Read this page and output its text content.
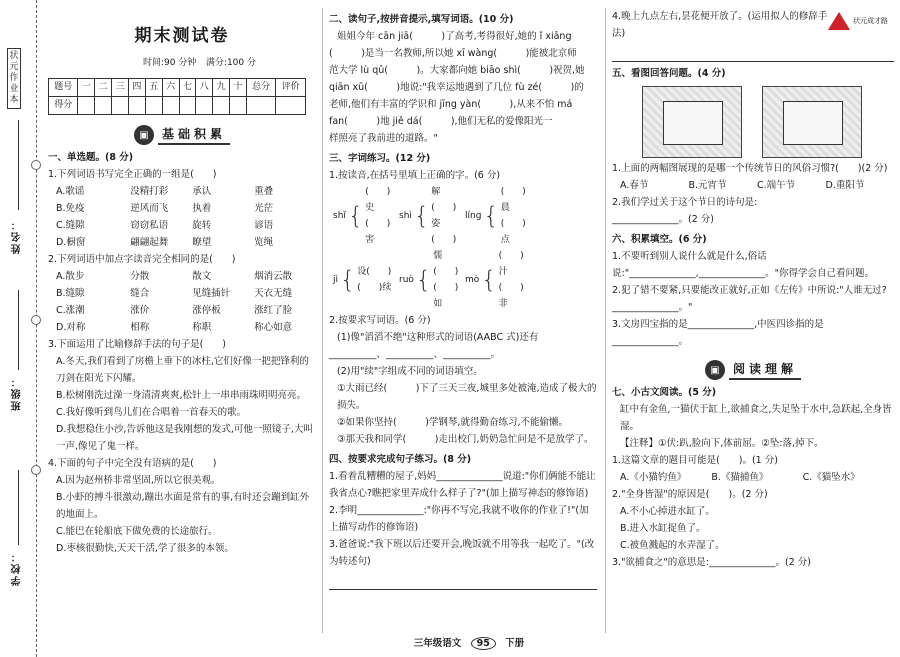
状元作业本
姓名：
班级：
学校：
期末测试卷
时间:90 分钟 满分:100 分
题号	一	二	三	四	五	六	七	八	九	十	总分	评价
得分												
▣	基础积累
一、单选题。(8 分)
1.下列词语书写完全正确的一组是(　　)
A.歌谣	没精打彩	承认	重叠
B.免疫	逆风而飞	执着	光茫
C.缝隙	窃窃私语	旋转	谚语
D.橱窗	翩翩起舞	瞭望	览绳
2.下列词语中加点字读音完全相同的是(　　)
A.散步	分散	散文	烟消云散
B.缝隙	缝合	见缝插针	天衣无缝
C.涨潮	涨价	涨停板	涨红了脸
D.对称	相称	称职	称心如意
3.下面运用了比喻修辞手法的句子是(　　)
A.冬天,我们看到了房檐上垂下的冰柱,它们好像一把把锋利的刀剑在阳光下闪耀。
B.松树刚洗过澡一身清清爽爽,松针上一串串雨珠明明亮亮。
C.我好像听到鸟儿们在合唱着一首春天的歌。
D.我想稳住小沙,告诉他这是我刚想的发式,可他一照镜子,大叫一声,像见了鬼一样。
4.下面的句子中完全没有语病的是(　　)
A.因为赵州桥非常坚固,所以它很美观。
B.小虾的搏斗很激动,蹦出水面是常有的事,有时还会蹦到缸外的地面上。
C.能巴在轮船底下做免费的长途旅行。
D.枣核很勤快,天天干活,学了很多的本领。
二、读句子,按拼音提示,填写词语。(10 分)
姐姐今年 cān jiā(　　　)了高考,考得很好,她的 ǐ xiāng
(　　　)是当一名教师,所以她 xī wàng(　　　)能被北京师
范大学 lù qǔ(　　　)。大家都向她 biāo shì(　　　)祝贺,她
qiān xū(　　　)地说:"我幸运地遇到了几位 fù zé(　　　)的
老师,他们有丰富的学识和 jīng yàn(　　　),从来不怕 má
fan(　　　)地 jiě dá(　　　),他们无私的爱像阳光一
样照亮了我前进的道路。"
三、字词练习。(12 分)
1.按读音,在括号里填上正确的字。(6 分)
shǐ {
(　　)史
(　　)害
shì {
解(　　)
姿(　　)
líng {
(　　)晨
(　　)点
jì { 设(　　)
(　　)续
ruò {
懦(　　)
(　　)如
mò {
(　　)汁
(　　)非
2.按要求写词语。(6 分)
(1)像"滔滔不绝"这种形式的词语(AABC 式)还有
__________、__________、__________。
(2)用"续"字组成不同的词语填空。
①大雨已经(　　　)下了三天三夜,城里多处被淹,造成了极大的损失。
②如果你坚持(　　　)学钢琴,就得勤奋练习,不能偷懒。
③那天我和同学(　　　)走出校门,奶奶急忙问是不是放学了。
四、按要求完成句子练习。(8 分)
1.看着乱糟糟的屋子,妈妈______________说道:"你们俩能不能让我省点心?瞧把家里弄成什么样子了?"(加上描写神态的修饰语)
2.李明______________:"你再不写完,我就不收你的作业了!"(加上描写动作的修饰语)
3.爸爸说:"我下班以后还要开会,晚饭就不用等我一起吃了。"(改为转述句)
状元成才路
4.晚上九点左右,昙花便开放了。(运用拟人的修辞手法)
五、看图回答问题。(4 分)
1.上面的两幅图展现的是哪一个传统节日的风俗习惯?(　　)(2 分)
A.春节	B.元宵节	C.端午节	D.重阳节
2.我们学过关于这个节日的诗句是:
______________。(2 分)
六、积累填空。(6 分)
1.不要听到别人说什么就是什么,俗话说:"______________,______________。"你得学会自己看问题。
2.犯了错不要紧,只要能改正就好,正如《左传》中所说:"人谁无过?______________。"
3.文房四宝指的是______________,中医四诊指的是______________。
▣	阅读理解
七、小古文阅读。(5 分)
缸中有金鱼,一猫伏于缸上,欲捕食之,失足坠于水中,急跃起,全身皆湿。
【注释】①伏:趴,脸向下,体前屈。②坠:落,掉下。
1.这篇文章的题目可能是(　　)。(1 分)
A.《小猫钓鱼》	B.《猫捕鱼》	C.《猫坠水》
2."全身皆湿"的原因是(　　)。(2 分)
A.不小心掉进水缸了。
B.进入水缸捉鱼了。
C.被鱼溅起的水弄湿了。
3."欲捕食之"的意思是:______________。(2 分)
三年级语文 95 下册
